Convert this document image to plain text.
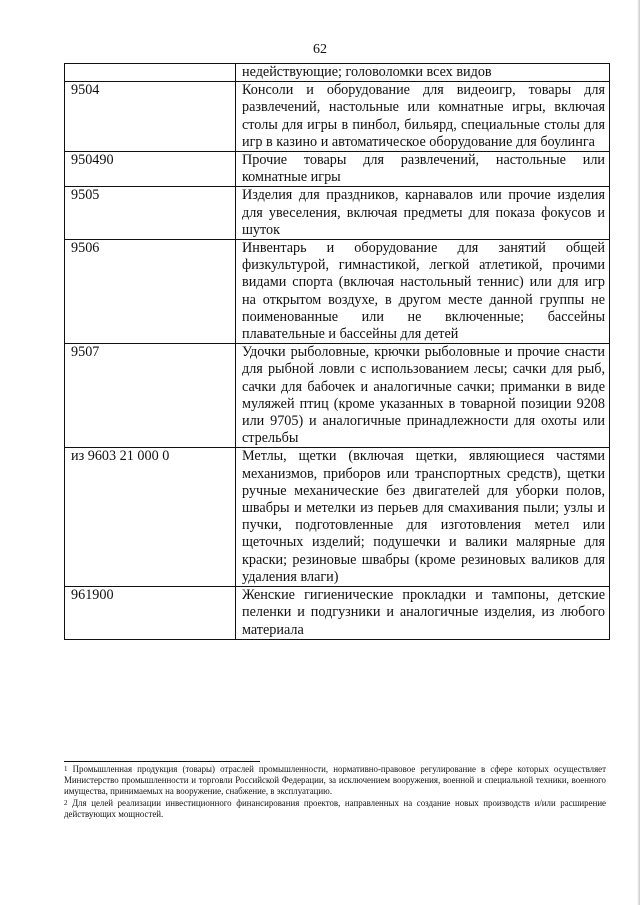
62
	недействующие; головоломки всех видов
9504	Консоли и оборудование для видеоигр, товары для развлечений, настольные или комнатные игры, включая столы для игры в пинбол, бильярд, специальные столы для игр в казино и автоматическое оборудование для боулинга
950490	Прочие товары для развлечений, настольные или комнатные игры
9505	Изделия для праздников, карнавалов или прочие изделия для увеселения, включая предметы для показа фокусов и шуток
9506	Инвентарь и оборудование для занятий общей физкультурой, гимнастикой, легкой атлетикой, прочими видами спорта (включая настольный теннис) или для игр на открытом воздухе, в другом месте данной группы не поименованные или не включенные; бассейны плавательные и бассейны для детей
9507	Удочки рыболовные, крючки рыболовные и прочие снасти для рыбной ловли с использованием лесы; сачки для рыб, сачки для бабочек и аналогичные сачки; приманки в виде муляжей птиц (кроме указанных в товарной позиции 9208 или 9705) и аналогичные принадлежности для охоты или стрельбы
из 9603 21 000 0	Метлы, щетки (включая щетки, являющиеся частями механизмов, приборов или транспортных средств), щетки ручные механические без двигателей для уборки полов, швабры и метелки из перьев для смахивания пыли; узлы и пучки, подготовленные для изготовления метел или щеточных изделий; подушечки и валики малярные для краски; резиновые швабры (кроме резиновых валиков для удаления влаги)
961900	Женские гигиенические прокладки и тампоны, детские пеленки и подгузники и аналогичные изделия, из любого материала

$^1$ Промышленная продукция (товары) отраслей промышленности, нормативно-правовое регулирование в сфере которых осуществляет Министерство промышленности и торговли Российской Федерации, за исключением вооружения, военной и специальной техники, военного имущества, принимаемых на вооружение, снабжение, в эксплуатацию.

$^2$ Для целей реализации инвестиционного финансирования проектов, направленных на создание новых производств и/или расширение действующих мощностей.
